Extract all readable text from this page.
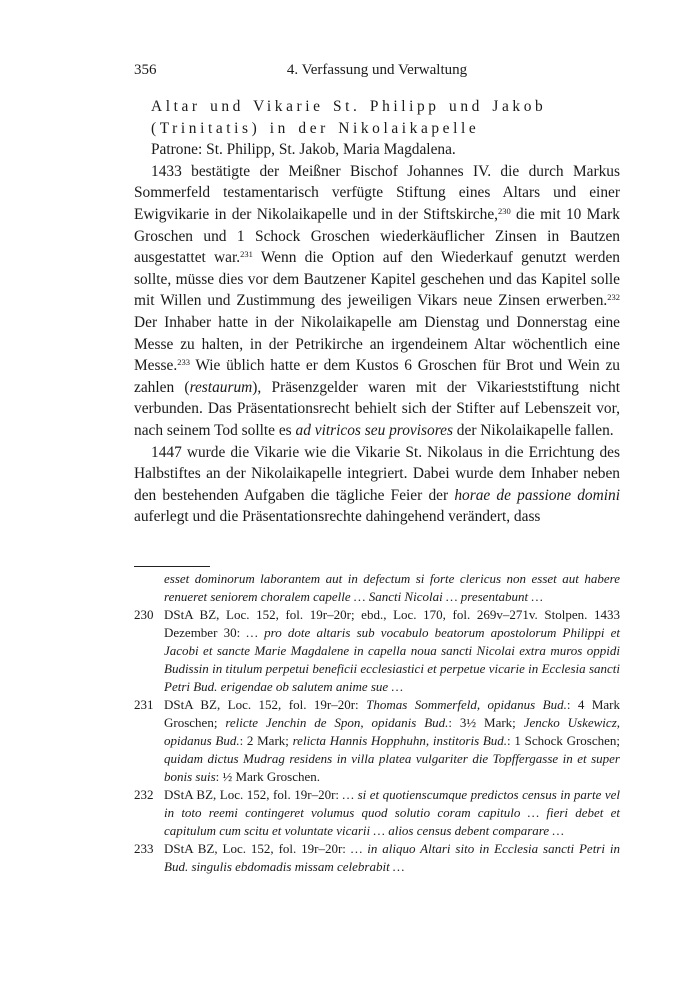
356	4. Verfassung und Verwaltung

Altar und Vikarie St. Philipp und Jakob

(Trinitatis) in der Nikolaikapelle

Patrone: St. Philipp, St. Jakob, Maria Magdalena.

1433 bestätigte der Meißner Bischof Johannes IV. die durch Markus Sommerfeld testamentarisch verfügte Stiftung eines Altars und einer Ewigvikarie in der Nikolaikapelle und in der Stiftskirche,$^{230}$ die mit 10 Mark Groschen und 1 Schock Groschen wiederkäuflicher Zinsen in Bautzen ausgestattet war.$^{231}$ Wenn die Option auf den Wiederkauf genutzt werden sollte, müsse dies vor dem Bautzener Kapitel geschehen und das Kapitel solle mit Willen und Zustimmung des jeweiligen Vikars neue Zinsen erwerben.$^{232}$ Der Inhaber hatte in der Nikolaikapelle am Dienstag und Donnerstag eine Messe zu halten, in der Petrikirche an irgendeinem Altar wöchentlich eine Messe.$^{233}$ Wie üblich hatte er dem Kustos 6 Groschen für Brot und Wein zu zahlen (restaurum), Präsenzgelder waren mit der Vikarieststiftung nicht verbunden. Das Präsentationsrecht behielt sich der Stifter auf Lebenszeit vor, nach seinem Tod sollte es ad vitricos seu provisores der Nikolaikapelle fallen.

1447 wurde die Vikarie wie die Vikarie St. Nikolaus in die Errichtung des Halbstiftes an der Nikolaikapelle integriert. Dabei wurde dem Inhaber neben den bestehenden Aufgaben die tägliche Feier der horae de passione domini auferlegt und die Präsentationsrechte dahingehend verändert, dass

esset dominorum laborantem aut in defectum si forte clericus non esset aut habere renueret seniorem choralem capelle … Sancti Nicolai … presentabunt …

230 DStA BZ, Loc. 152, fol. 19r–20r; ebd., Loc. 170, fol. 269v–271v. Stolpen. 1433 Dezember 30: … pro dote altaris sub vocabulo beatorum apostolorum Philippi et Jacobi et sancte Marie Magdalene in capella noua sancti Nicolai extra muros oppidi Budissin in titulum perpetui beneficii ecclesiastici et perpetue vicarie in Ecclesia sancti Petri Bud. erigendae ob salutem anime sue …
231 DStA BZ, Loc. 152, fol. 19r–20r: Thomas Sommerfeld, opidanus Bud.: 4 Mark Groschen; relicte Jenchin de Spon, opidanis Bud.: 3½ Mark; Jencko Uskewicz, opidanus Bud.: 2 Mark; relicta Hannis Hopphuhn, institoris Bud.: 1 Schock Groschen; quidam dictus Mudrag residens in villa platea vulgariter die Topffergasse in et super bonis suis: ½ Mark Groschen.
232 DStA BZ, Loc. 152, fol. 19r–20r: … si et quotienscumque predictos census in parte vel in toto reemi contingeret volumus quod solutio coram capitulo … fieri debet et capitulum cum scitu et voluntate vicarii … alios census debent comparare …
233 DStA BZ, Loc. 152, fol. 19r–20r: … in aliquo Altari sito in Ecclesia sancti Petri in Bud. singulis ebdomadis missam celebrabit …
